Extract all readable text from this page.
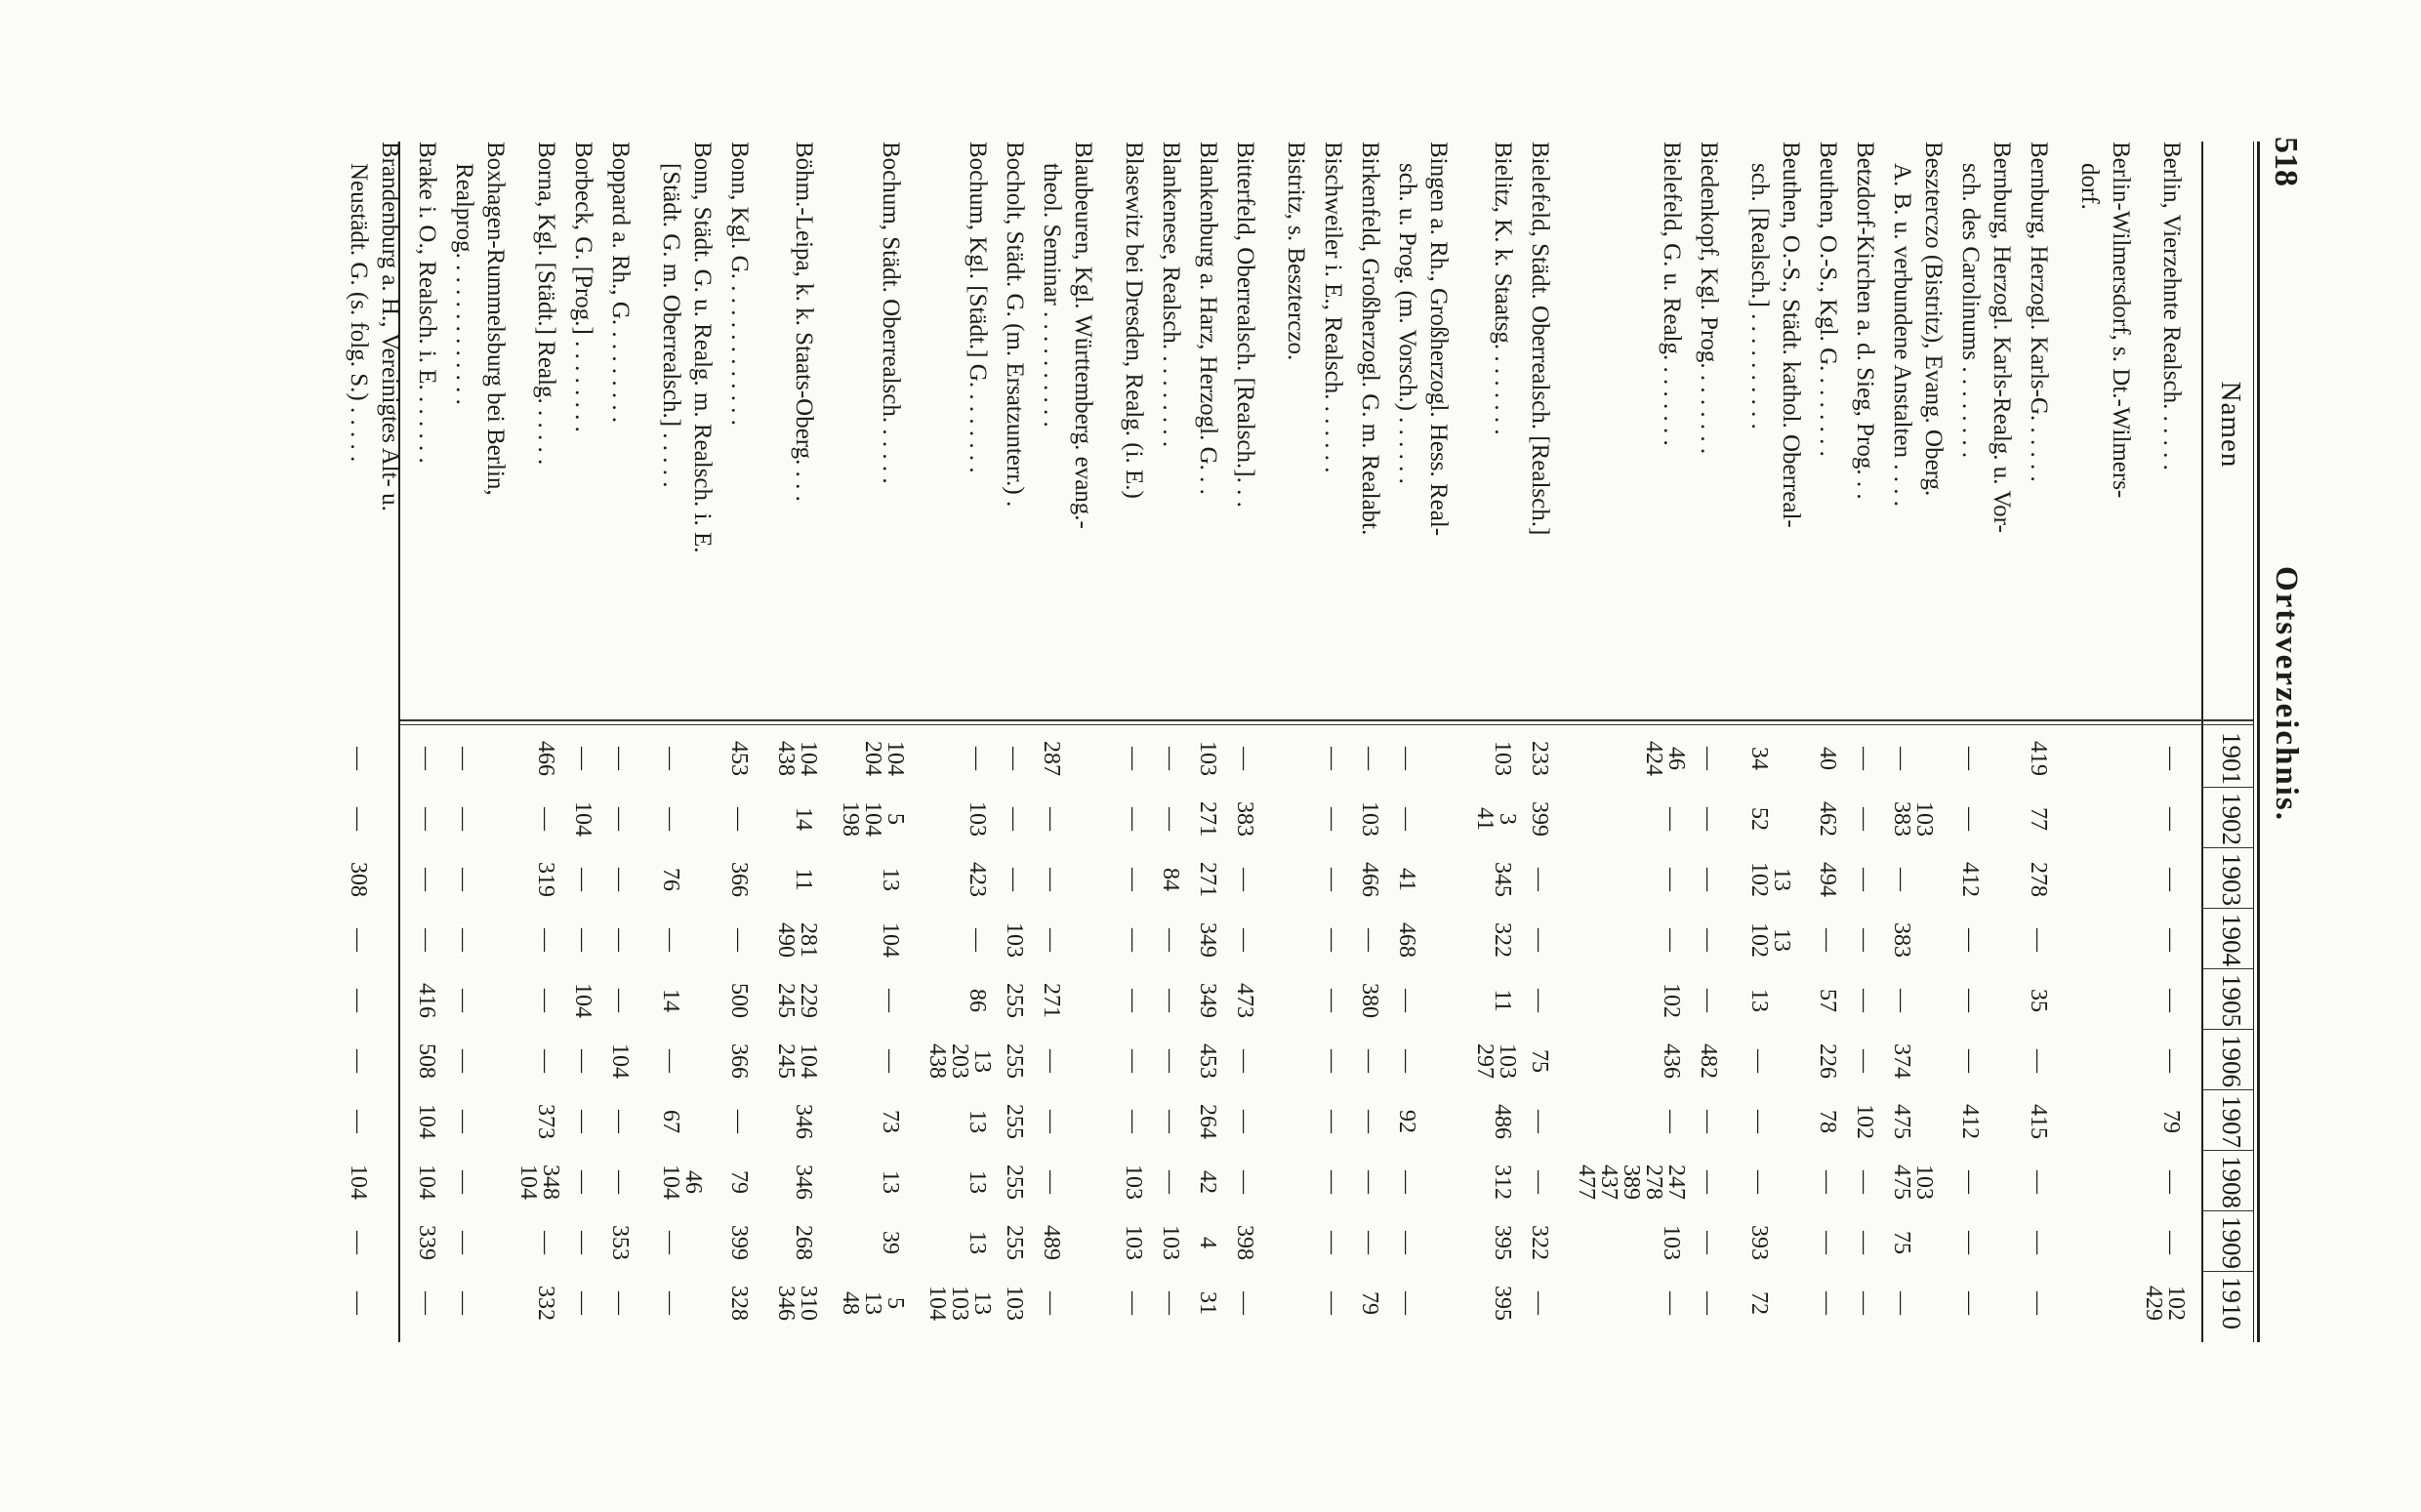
518
Ortsverzeichnis.
Namen
1901
1902
1903
1904
1905
1906
1907
1908
1909
1910
Berlin, Vierzehnte Realsch. . . . . .
Berlin-Wilmersdorf, s. Dt.-Wilmers-
dorf.
Bernburg, Herzogl. Karls-G. . . . . .
Bernburg, Herzogl. Karls-Realg. u. Vor-
sch. des Carolinums . . . . . . . .
Beszterczo (Bistritz), Evang. Oberg.
A. B. u. verbundene Anstalten . . . .
Betzdorf-Kirchen a. d. Sieg, Prog. . .
Beuthen, O.-S., Kgl. G. . . . . . . .
Beuthen, O.-S., Städt. kathol. Oberreal-
sch. [Realsch.] . . . . . . . . . .
Biedenkopf, Kgl. Prog. . . . . . . .
Bielefeld, G. u. Realg. . . . . . . .
Bielefeld, Städt. Oberrealsch. [Realsch.]
Bielitz, K. k. Staatsg. . . . . . . .
Bingen a. Rh., Großherzogl. Hess. Real-
sch. u. Prog. (m. Vorsch.) . . . . . .
Birkenfeld, Großherzogl. G. m. Realabt.
Bischweiler i. E., Realsch. . . . . . .
Bistritz, s. Beszterczo.
Bitterfeld, Oberrealsch. [Realsch.]. . .
Blankenburg a. Harz, Herzogl. G. . .
Blankenese, Realsch. . . . . . . . .
Blasewitz bei Dresden, Realg. (i. E.)
Blaubeuren, Kgl. Württemberg. evang.-
theol. Seminar . . . . . . . . . .
Bocholt, Städt. G. (m. Ersatzunterr.) .
Bochum, Kgl. [Städt.] G. . . . . . . .
Bochum, Städt. Oberrealsch. . . . . .
Böhm.-Leipa, k. k. Staats-Oberg. . . .
Bonn, Kgl. G. . . . . . . . . . . . .
Bonn, Städt. G. u. Realg. m. Realsch. i. E.
[Städt. G. m. Oberrealsch.] . . . . .
Boppard a. Rh., G. . . . . . . . .
Borbeck, G. [Prog.] . . . . . . . .
Borna, Kgl. [Städt.] Realg. . . . . .
Boxhagen-Rummelsburg bei Berlin,
Realprog. . . . . . . . . . . . .
Brake i. O., Realsch. i. E. . . . . . .
Brandenburg a. H., Vereinigtes Alt- u.
Neustädt. G. (s. folg. S.) . . . . .
—
—
—
—
—
—
79
—
—
102
429
419
77
278
—
35
—
415
—
—
—
—
—
412
—
—
—
412
—
—
—
—
103
383
—
383
—
374
475
103
475
75
—
—
—
—
—
—
—
102
—
—
—
40
462
494
—
57
226
78
—
—
—
34
52
13
102
13
102
13
—
—
—
393
72
—
—
—
—
—
482
—
—
—
—
46
424
—
—
—
102
436
—
247
278
389
437
477
103
—
233
399
—
—
—
75
—
—
322
—
103
3
41
345
322
11
103
297
486
312
395
395
—
—
41
468
—
—
92
—
—
—
—
103
466
—
380
—
—
—
—
79
—
—
—
—
—
—
—
—
—
—
—
383
—
—
473
—
—
—
398
—
103
271
271
349
349
453
264
42
4
31
—
—
84
—
—
—
—
—
103
—
—
—
—
—
—
—
—
103
103
—
287
—
—
—
271
—
—
—
489
—
—
—
—
103
255
255
255
255
255
103
—
103
423
—
86
13
203
438
13
13
13
13
103
104
104
204
5
104
198
13
104
—
—
73
13
39
5
13
48
104
438
14
11
281
490
229
245
104
245
346
346
268
310
346
453
—
366
—
500
366
—
79
399
328
—
—
76
—
14
—
67
46
104
—
—
—
—
—
—
—
104
—
—
353
—
—
104
—
—
104
—
—
—
—
—
466
—
319
—
—
—
373
348
104
—
332
—
—
—
—
—
—
—
—
—
—
—
—
—
—
416
508
104
104
339
—
—
—
308
—
—
—
—
104
—
—
